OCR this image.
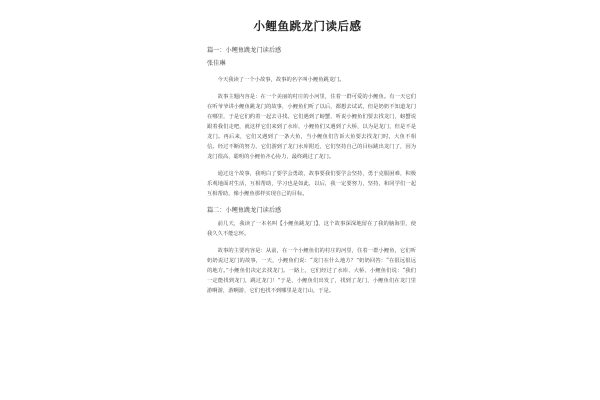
小鲤鱼跳龙门读后感
篇一：小鲤鱼跳龙门读后感
张佳琳

今天我读了一个小故事，故事的名字叫小鲤鱼跳龙门。

故事主题内容是：在一个美丽的村庄的小河里，住着一群可爱的小鲤鱼。有一天它们在听爷爷讲小鲤鱼跳龙门的故事，小鲤鱼们听了以后，都想去试试，但是奶奶不知道龙门在哪里，于是它们约着一起去寻找。它们遇到了螃蟹、听说小鲤鱼们要去找龙门，螃蟹说跟着我们走吧，就这样它们来到了水库，小鲤鱼们又遇到了大桥，以为是龙门，但是不是龙门。再后来，它们又遇到了一条大鱼，当小鲤鱼们告诉大鱼要去找龙门时，大鱼不相信。经过不断的努力，它们游到了龙门水库附近，它们坚持自己的目标跳出龙门了，因为龙门很高，聪明的小鲤鱼齐心协力，最终跳过了龙门。

通过这个故事，我明白了要学会勇敢，故事要我们要学会坚持，勇于克服困难，积极乐观地面对生活，互相帮助，学习也是如此，以后，我一定要努力，坚持，和同学们一起互相帮助，像小鲤鱼那样实现自己的目标。

篇二：小鲤鱼跳龙门读后感

前几天，我读了一本名叫【小鲤鱼跳龙门】，这个故事深深地留在了我的脑海里，使我久久不能忘怀。

故事的主要内容是：从前，在一个小鲤鱼们的村庄的河里，住着一群小鲤鱼，它们听奶奶说过龙门的故事，一天，小鲤鱼们说：“龙门在什么地方？”奶奶回答：“在很远很远的地方。”小鲤鱼们决定去找龙门。一路上，它们经过了水库、大桥、小鲤鱼们说：“我们一定能找到龙门，跳过龙门！”于是，小鲤鱼们出发了，找到了龙门，小鲤鱼们在龙门里游啊游，游啊游，它们也找不到哪里是龙门山，于是。
